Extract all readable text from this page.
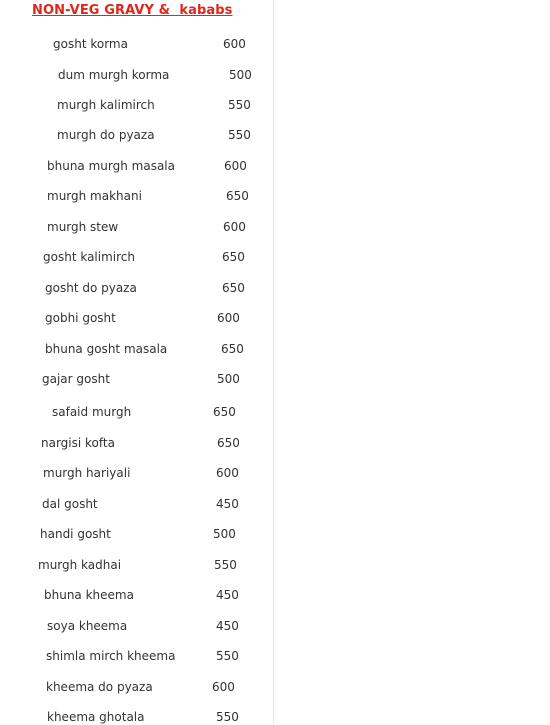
NON-VEG GRAVY &  kababs
gosht korma	600
dum murgh korma	500
murgh kalimirch	550
murgh do pyaza	550
bhuna murgh masala	600
murgh makhani	650
murgh stew	600
gosht kalimirch	650
gosht do pyaza	650
gobhi gosht	600
bhuna gosht masala	650
gajar gosht	500
safaid murgh	650
nargisi kofta	650
murgh hariyali	600
dal gosht	450
handi gosht	500
murgh kadhai	550
bhuna kheema	450
soya kheema	450
shimla mirch kheema	550
kheema do pyaza	600
kheema ghotala	550
